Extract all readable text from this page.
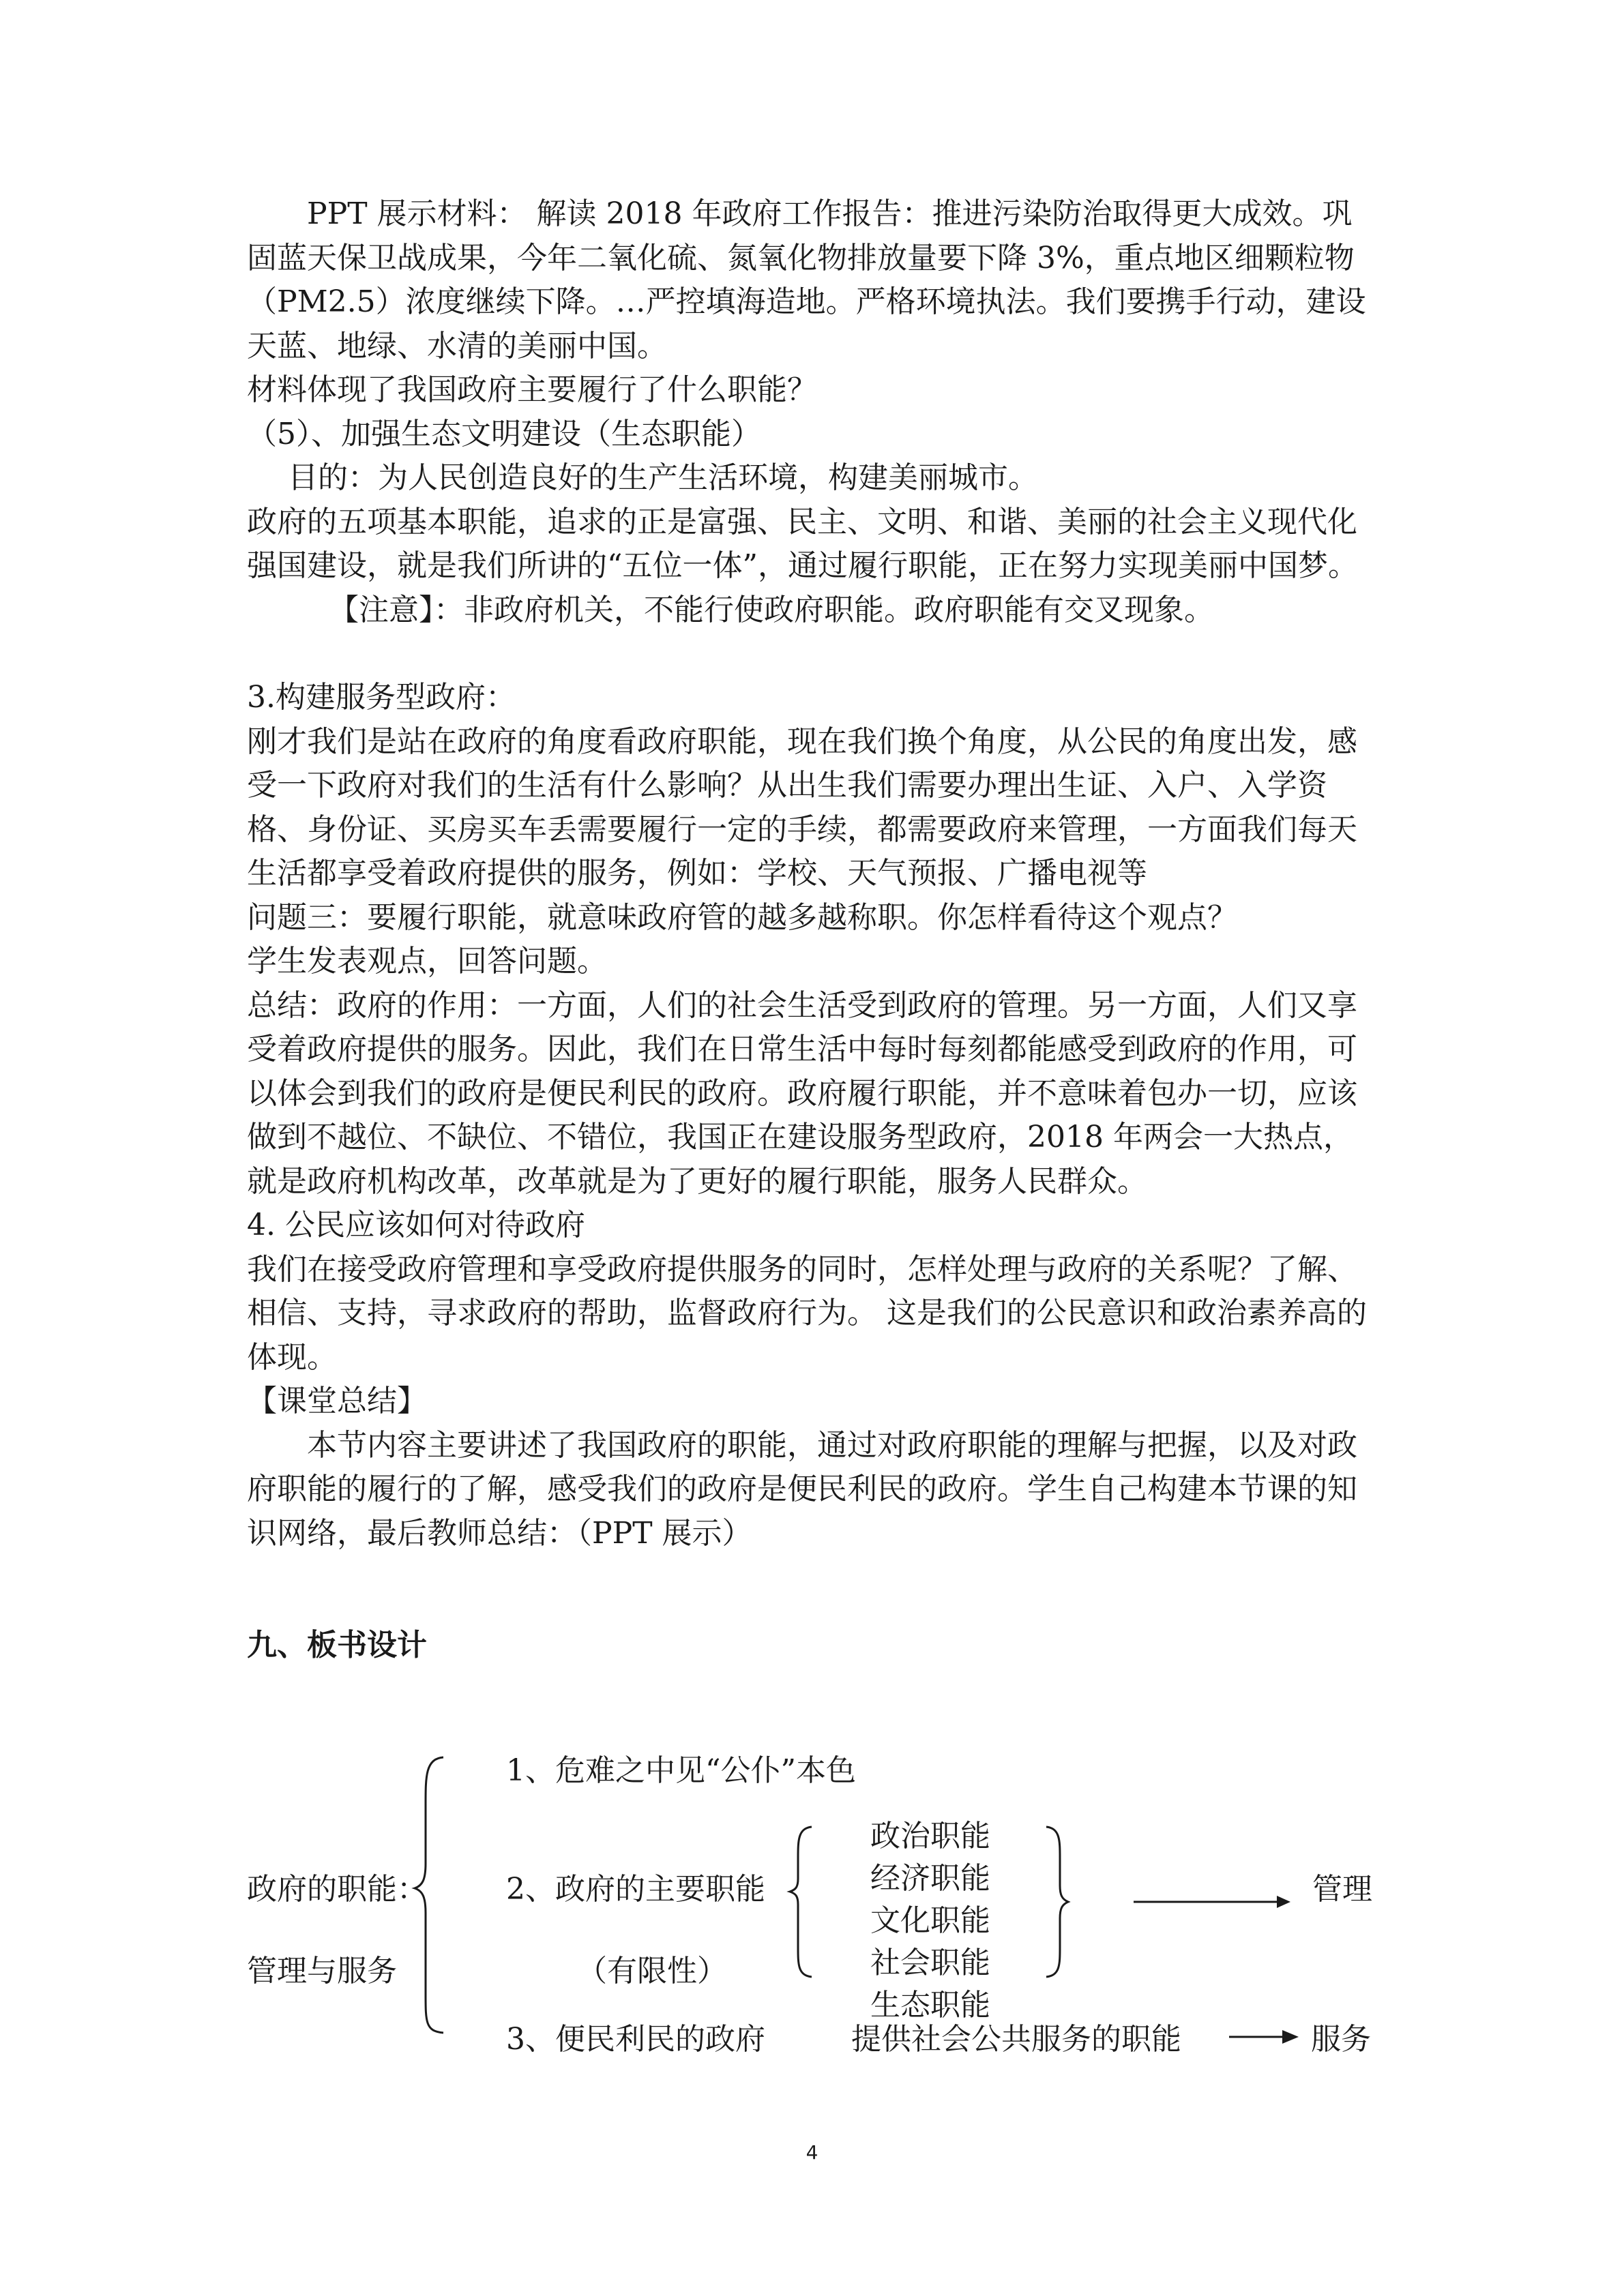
PPT 展示材料： 解读 2018 年政府工作报告：推进污染防治取得更大成效。巩固蓝天保卫战成果，今年二氧化硫、氮氧化物排放量要下降 3%，重点地区细颗粒物（PM2.5）浓度继续下降。…严控填海造地。严格环境执法。我们要携手行动，建设天蓝、地绿、水清的美丽中国。

材料体现了我国政府主要履行了什么职能？

（5）、加强生态文明建设（生态职能）

目的：为人民创造良好的生产生活环境，构建美丽城市。

政府的五项基本职能，追求的正是富强、民主、文明、和谐、美丽的社会主义现代化强国建设，就是我们所讲的“五位一体”，通过履行职能，正在努力实现美丽中国梦。

【注意】：非政府机关，不能行使政府职能。政府职能有交叉现象。

3.构建服务型政府：

刚才我们是站在政府的角度看政府职能，现在我们换个角度，从公民的角度出发，感受一下政府对我们的生活有什么影响？从出生我们需要办理出生证、入户、入学资格、身份证、买房买车丢需要履行一定的手续，都需要政府来管理，一方面我们每天生活都享受着政府提供的服务，例如：学校、天气预报、广播电视等

问题三：要履行职能，就意味政府管的越多越称职。你怎样看待这个观点？

学生发表观点，回答问题。

总结：政府的作用：一方面，人们的社会生活受到政府的管理。另一方面，人们又享受着政府提供的服务。因此，我们在日常生活中每时每刻都能感受到政府的作用，可以体会到我们的政府是便民利民的政府。政府履行职能，并不意味着包办一切，应该做到不越位、不缺位、不错位，我国正在建设服务型政府，2018 年两会一大热点，就是政府机构改革，改革就是为了更好的履行职能，服务人民群众。

4. 公民应该如何对待政府

我们在接受政府管理和享受政府提供服务的同时，怎样处理与政府的关系呢？了解、相信、支持，寻求政府的帮助，监督政府行为。 这是我们的公民意识和政治素养高的体现。

【课堂总结】

本节内容主要讲述了我国政府的职能，通过对政府职能的理解与把握，以及对政府职能的履行的了解，感受我们的政府是便民利民的政府。学生自己构建本节课的知识网络，最后教师总结：（PPT 展示）

九、板书设计

1、危难之中见“公仆”本色
政府的职能：	2、政府的主要职能
管理与服务	（有限性）
政治职能
经济职能
文化职能
社会职能
生态职能
管理
3、便民利民的政府	提供社会公共服务的职能	服务
4
